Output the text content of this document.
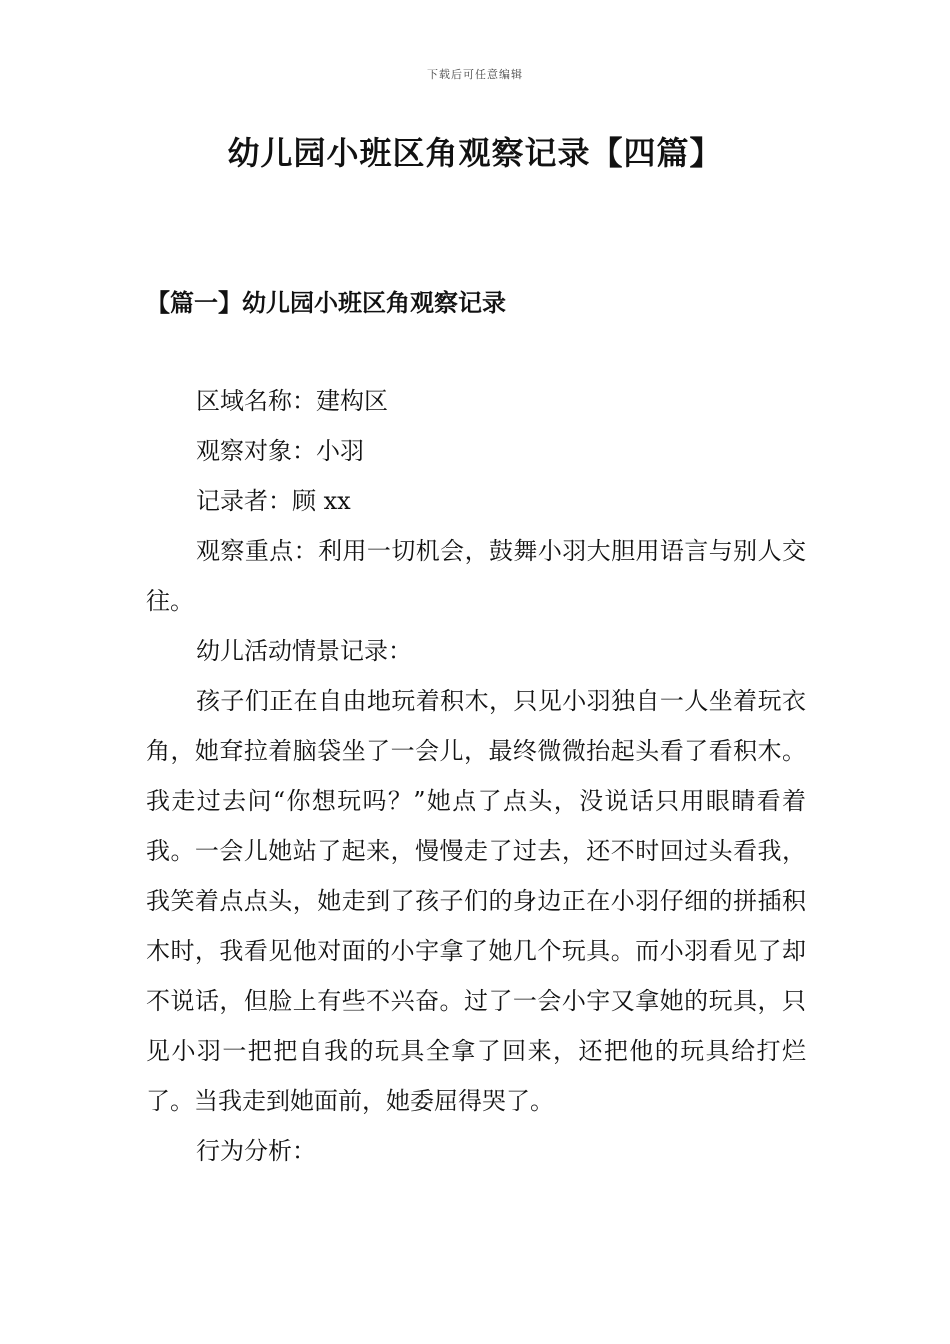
下载后可任意编辑
幼儿园小班区角观察记录【四篇】
【篇一】幼儿园小班区角观察记录

区域名称：建构区

观察对象：小羽

记录者：顾 xx

观察重点：利用一切机会，鼓舞小羽大胆用语言与别人交往。

幼儿活动情景记录：

孩子们正在自由地玩着积木，只见小羽独自一人坐着玩衣角，她耷拉着脑袋坐了一会儿，最终微微抬起头看了看积木。我走过去问“你想玩吗？”她点了点头，没说话只用眼睛看着我。一会儿她站了起来，慢慢走了过去，还不时回过头看我，我笑着点点头，她走到了孩子们的身边正在小羽仔细的拼插积木时，我看见他对面的小宇拿了她几个玩具。而小羽看见了却不说话，但脸上有些不兴奋。过了一会小宇又拿她的玩具，只见小羽一把把自我的玩具全拿了回来，还把他的玩具给打烂了。当我走到她面前，她委屈得哭了。

行为分析：
